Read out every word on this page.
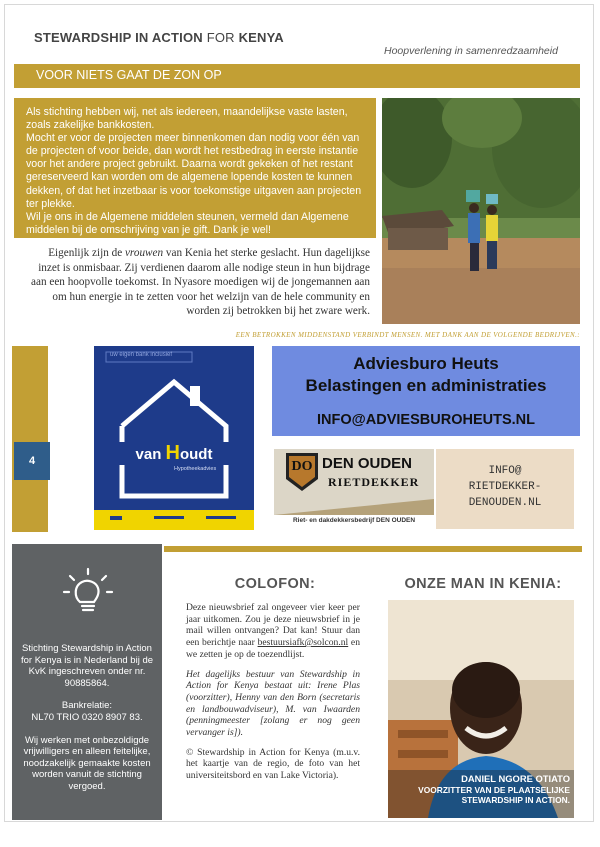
STEWARDSHIP IN ACTION FOR KENYA
Hoopverlening in samenredzaamheid
VOOR NIETS GAAT DE ZON OP
Als stichting hebben wij, net als iedereen, maandelijkse vaste lasten,
zoals zakelijke bankkosten.
Mocht er voor de projecten meer binnenkomen dan nodig voor één van
de projecten of voor beide, dan wordt het restbedrag in eerste instantie
voor het andere project gebruikt. Daarna wordt gekeken of het restant
gereserveerd kan worden om de algemene lopende kosten te kunnen
dekken, of dat het inzetbaar is voor toekomstige uitgaven aan projecten
ter plekke.
Wil je ons in de Algemene middelen steunen, vermeld dan Algemene
middelen bij de omschrijving van je gift. Dank je wel!
Eigenlijk zijn de vrouwen van Kenia het sterke geslacht. Hun dagelijkse inzet is onmisbaar. Zij verdienen daarom alle nodige steun in hun bijdrage aan een hoopvolle toekomst. In Nyasore moedigen wij de jongemannen aan om hun energie in te zetten voor het welzijn van de hele community en worden zij betrokken bij het zware werk.
EEN BETROKKEN MIDDENSTAND VERBINDT MENSEN. MET DANK AAN DE VOLGENDE BEDRIJVEN.:
4
uw eigen bank inclusief
van Houdt
Hypotheekadvies
Adviesburo Heuts
Belastingen en administraties
INFO@ADVIESBUROHEUTS.NL
DO DEN OUDEN
RIETDEKKER
Riet- en dakdekkersbedrijf DEN OUDEN
INFO@
RIETDEKKER-
DENOUDEN.NL

Stichting Stewardship in Action for Kenya is in Nederland bij de KvK ingeschreven onder nr. 90885864.

Bankrelatie:

NL70 TRIO 0320 8907 83.

Wij werken met onbezoldigde vrijwilligers en alleen feitelijke, noodzakelijk gemaakte kosten worden vanuit de stichting vergoed.

COLOFON:	ONZE MAN IN KENIA:

Deze nieuwsbrief zal ongeveer vier keer per jaar uitkomen. Zou je deze nieuwsbrief in je mail willen ontvangen? Dat kan! Stuur dan een berichtje naar bestuursiafk@solcon.nl en we zetten je op de toezendlijst.

Het dagelijks bestuur van Stewardship in Action for Kenya bestaat uit: Irene Plas (voorzitter), Henny van den Born (secretaris en landbouwadviseur), M. van Iwaarden (penningmeester [zolang er nog geen vervanger is]).

© Stewardship in Action for Kenya (m.u.v. het kaartje van de regio, de foto van het universiteitsbord en van Lake Victoria).	DANIEL NGORE OTIATO
VOORZITTER VAN DE PLAATSELIJKE
STEWARDSHIP IN ACTION.
